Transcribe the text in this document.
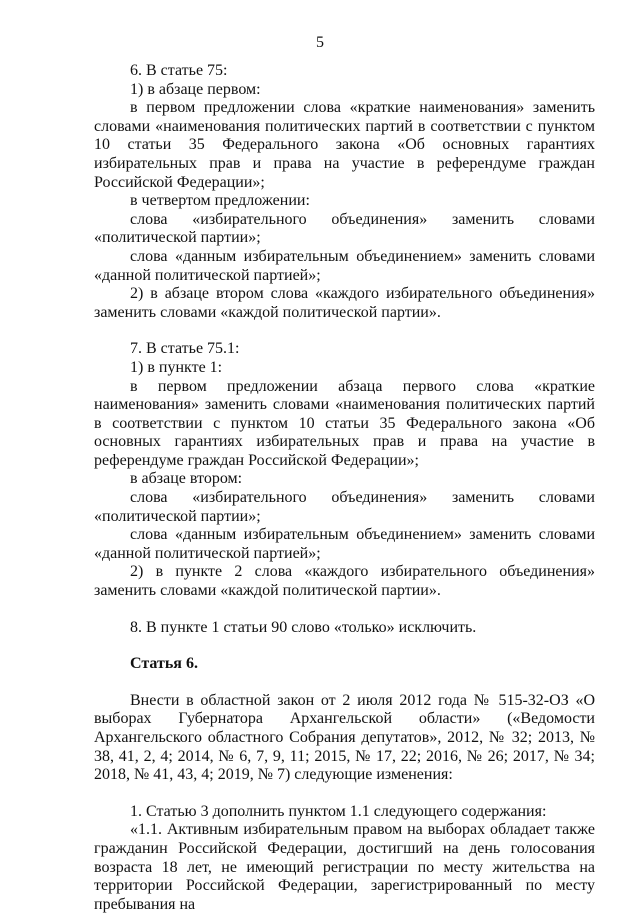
5

6. В статье 75:

1) в абзаце первом:

в первом предложении слова «краткие наименования» заменить словами «наименования политических партий в соответствии с пунктом 10 статьи 35 Федерального закона «Об основных гарантиях избирательных прав и права на участие в референдуме граждан Российской Федерации»;

в четвертом предложении:

слова «избирательного объединения» заменить словами «политической партии»;

слова «данным избирательным объединением» заменить словами «данной политической партией»;

2) в абзаце втором слова «каждого избирательного объединения» заменить словами «каждой политической партии».

7. В статье 75.1:

1) в пункте 1:

в первом предложении абзаца первого слова «краткие наименования» заменить словами «наименования политических партий в соответствии с пунктом 10 статьи 35 Федерального закона «Об основных гарантиях избирательных прав и права на участие в референдуме граждан Российской Федерации»;

в абзаце втором:

слова «избирательного объединения» заменить словами «политической партии»;

слова «данным избирательным объединением» заменить словами «данной политической партией»;

2) в пункте 2 слова «каждого избирательного объединения» заменить словами «каждой политической партии».

8. В пункте 1 статьи 90 слово «только» исключить.

Статья 6.

Внести в областной закон от 2 июля 2012 года № 515-32-ОЗ «О выборах Губернатора Архангельской области» («Ведомости Архангельского областного Собрания депутатов», 2012, № 32; 2013, № 38, 41, 2, 4; 2014, № 6, 7, 9, 11; 2015, № 17, 22; 2016, № 26; 2017, № 34; 2018, № 41, 43, 4; 2019, № 7) следующие изменения:

1. Статью 3 дополнить пунктом 1.1 следующего содержания:

«1.1. Активным избирательным правом на выборах обладает также гражданин Российской Федерации, достигший на день голосования возраста 18 лет, не имеющий регистрации по месту жительства на территории Российской Федерации, зарегистрированный по месту пребывания на
